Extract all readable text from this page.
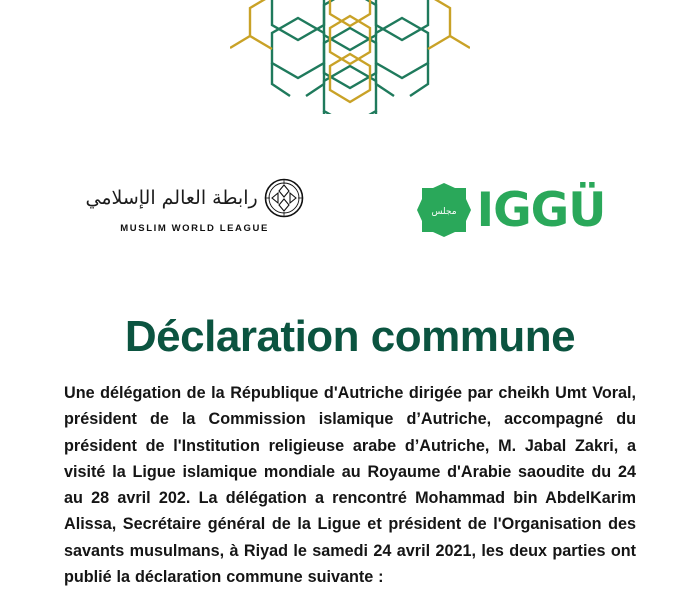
رابطة العالم الإسلامي
MUSLIM WORLD LEAGUE
مجلس IGGÜ
Déclaration commune

Une délégation de la République d'Autriche dirigée par cheikh Umt Voral, président de la Commission islamique d’Autriche, accompagné du président de l'Institution religieuse arabe d’Autriche, M. Jabal Zakri, a visité la Ligue islamique mondiale au Royaume d'Arabie saoudite du 24 au 28 avril 202. La délégation a rencontré Mohammad bin AbdelKarim Alissa, Secrétaire général de la Ligue et président de l'Organisation des savants musulmans, à Riyad le samedi 24 avril 2021, les deux parties ont publié la déclaration commune suivante :
